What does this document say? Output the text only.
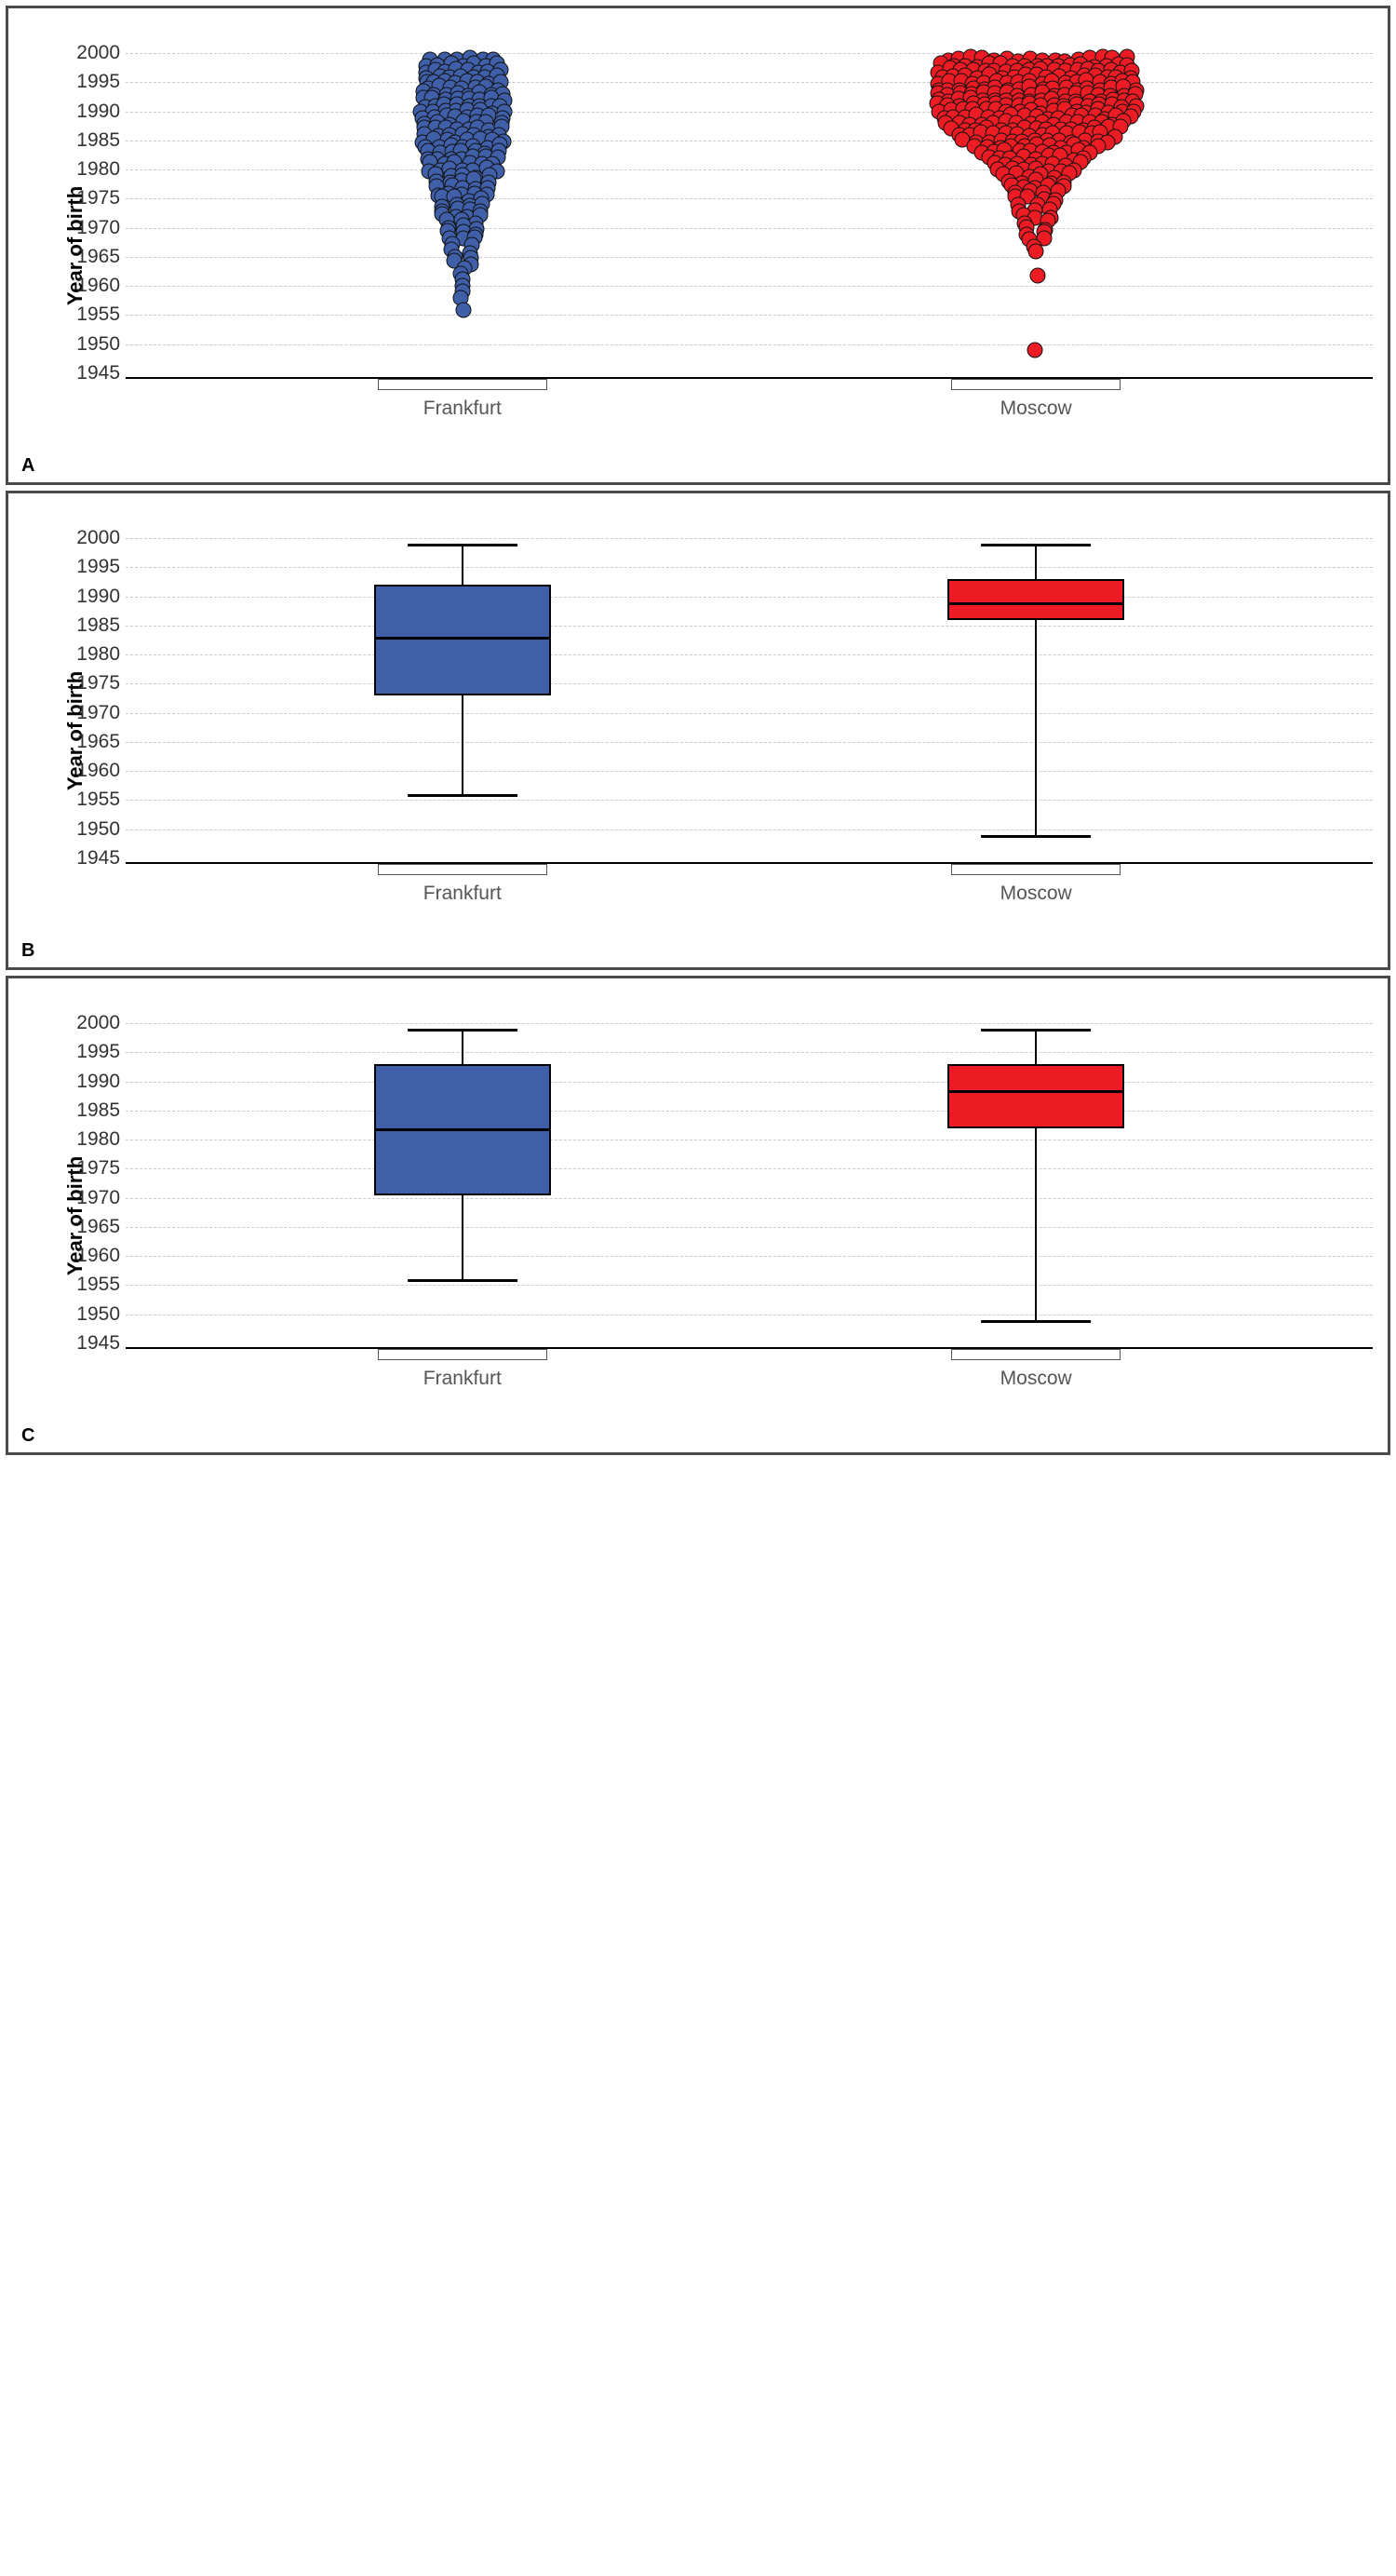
Year of birth
2000
1995
1990
1985
1980
1975
1970
1965
1960
1955
1950
1945
Frankfurt	Moscow
A
Year of birth
2000
1995
1990
1985
1980
1975
1970
1965
1960
1955
1950
1945
Frankfurt	Moscow
B
Year of birth
2000
1995
1990
1985
1980
1975
1970
1965
1960
1955
1950
1945
Frankfurt	Moscow
C
